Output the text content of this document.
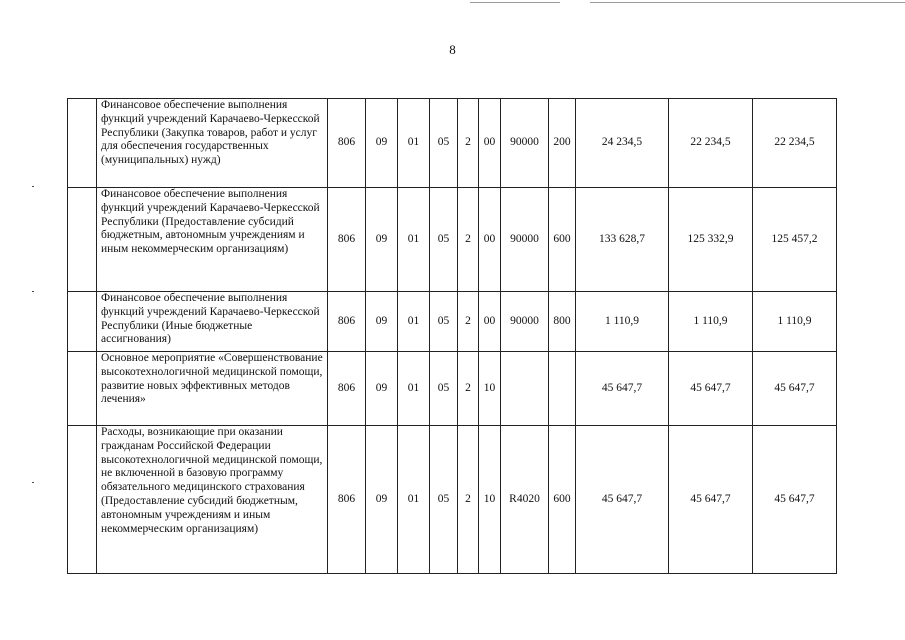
8
	Финансовое обеспечение выполнения функций учреждений Карачаево-Черкесской Республики (Закупка товаров, работ и услуг для обеспечения государственных (муниципальных) нужд)	806	09	01	05	2	00	90000	200	24 234,5	22 234,5	22 234,5
	Финансовое обеспечение выполнения функций учреждений Карачаево-Черкесской Республики (Предоставление субсидий бюджетным, автономным учреждениям и иным некоммерческим организациям)	806	09	01	05	2	00	90000	600	133 628,7	125 332,9	125 457,2
	Финансовое обеспечение выполнения функций учреждений Карачаево-Черкесской Республики (Иные бюджетные ассигнования)	806	09	01	05	2	00	90000	800	1 110,9	1 110,9	1 110,9
	Основное мероприятие «Совершенствование высокотехнологичной медицинской помощи, развитие новых эффективных методов лечения»	806	09	01	05	2	10			45 647,7	45 647,7	45 647,7
	Расходы, возникающие при оказании гражданам Российской Федерации высокотехнологичной медицинской помощи, не включенной в базовую программу обязательного медицинского страхования (Предоставление субсидий бюджетным, автономным учреждениям и иным некоммерческим организациям)	806	09	01	05	2	10	R4020	600	45 647,7	45 647,7	45 647,7
